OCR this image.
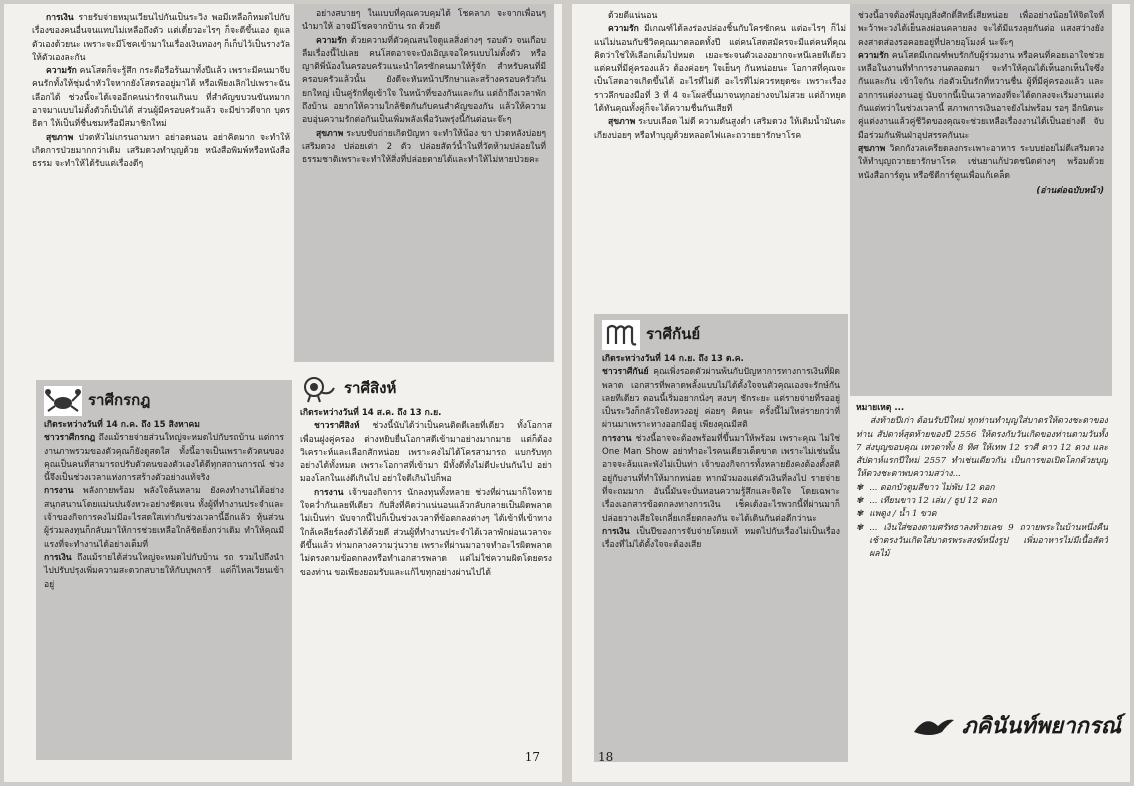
การเงิน รายรับจ่ายหมุนเวียนไปกันเป็นระวิง พอมีเหลือก็หมดไปกับเรื่องของคนอื่นจนแทบไม่เหลือถึงตัว แต่เดี๋ยวอะไรๆ ก็จะดีขึ้นเอง ดูแลตัวเองด้วยนะ เพราะจะมีโชคเข้ามาในเรื่องเงินทองๆ ก็เก็บไว้เป็นรางวัลให้ตัวเองละกัน

ความรัก คนโสดก็จะรู้สึก กระตือรือร้นมาทั้งปีแล้ว เพราะมีคนมาจีบ คนรักทั้งให้ชุ่มฉ่ำหัวใจหากยังโสดรออยู่มาได้ หรือเพียงเลิกไปเพราะฉันเลือกได้ ช่วงนี้จะได้เจออีกคนน่ารักจนเกินเบ ที่สำคัญขบวนขันหมากอาจมาแบบไม่ตั้งตัวก็เป็นได้ ส่วนผู้มีครอบครัวแล้ว จะมีข่าวดีจาก บุตร ธิดา ให้เป็นที่ชื่นชมหรือมีสมาชิกใหม่

สุขภาพ ปวดหัวไม่เกรนถามหา อย่าอดนอน อย่าคิดมาก จะทำให้เกิดการป่วยมากกว่าเดิม เสริมดวงทำบุญด้วย หนังสือพิมพ์หรือหนังสือธรรม จะทำให้ได้รับแต่เรื่องดีๆ

อย่างสบายๆ ในแบบที่คุณควบคุมได้ โชคลาภ จะจากเพื่อนๆ นำมาให้ อาจมีโชคจากบ้าน รถ ด้วยดี

ความรัก ด้วยความที่ตัวคุณสนใจดูแลสิ่งต่างๆ รอบตัว จนเกือบลืมเรื่องนี้ไปเลย คนโสดอาจจะบังเอิญเจอใครแบบไม่ตั้งตัว หรือญาติพี่น้องในครอบครัวแนะนำใครซักคนมาให้รู้จัก สำหรับคนที่มีครอบครัวแล้วนั้น ยังดีจะหันหน้าปรึกษาและสร้างครอบครัวกันยกใหญ่ เป็นคู่รักที่ดูเข้าใจ ในหน้าที่ของกันและกัน แต่ถ้าถึงเวลาพักถึงบ้าน อยากให้ความใกล้ชิดกันกับคนสำคัญของกัน แล้วให้ความอบอุ่นความรักต่อกันเป็นเพิ่มพลังเพื่อวันพรุ่งนี้กันต่อนะจ๊ะๆ

สุขภาพ ระบบขับถ่ายเกิดปัญหา จะทำให้น้อง ขา ปวดหลังบ่อยๆ เสริมดวง ปล่อยเต่า 2 ตัว ปล่อยสัตว์น้ำในที่วัดห้ามปล่อยในที่ธรรมชาติเพราะจะทำให้สิ่งที่ปล่อยตายได้และทำให้ไม่หายป่วยคะ

ราศีกรกฎ
เกิดระหว่างวันที่ 14 ก.ค. ถึง 15 สิงหาคม

ชาวราศีกรกฎ ถึงแม้รายจ่ายส่วนใหญ่จะหมดไปกับรถบ้าน แต่การงานภาพรวมของตัวคุณก็ยังดูสดใส ทั้งนี้อาจเป็นเพราะตัวตนของคุณเป็นคนที่สามารถปรับตัวตนของตัวเองได้ดีทุกสถานการณ์ ช่วงนี้จึงเป็นช่วงเวลาแห่งการสร้างตัวอย่างแท้จริง

การงาน พลังกายพร้อม พลังใจล้นหลาม ยังคงทำงานได้อย่างสนุกสนานโดยแม่นปนจังหวะอย่างชัดเจน ทั้งผู้ที่ทำงานประจำและเจ้าของกิจการคงไม่มีอะไรสดใสเท่ากับช่วงเวลานี้อีกแล้ว หุ้นส่วนผู้ร่วมลงทุนก็กลับมาให้การช่วยเหลือใกล้ชิดยิ่งกว่าเดิม ทำให้คุณมีแรงที่จะทำงานได้อย่างเต็มที่

การเงิน ถึงแม้รายได้ส่วนใหญ่จะหมดไปกับบ้าน รถ รวมไปถึงนำไปปรับปรุงเพิ่มความสะดวกสบายให้กับบุพการี แต่ก็ไหลเวียนเข้าอยู่

ราศีสิงห์
เกิดระหว่างวันที่ 14 ส.ค. ถึง 13 ก.ย.

ชาวราศีสิงห์ ช่วงนี้นับได้ว่าเป็นคนติดดีเลยที่เดียว ทั้งโอกาส เพื่อนฝูงคู่ครอง ต่างหยิบยื่นโอกาสดีเข้ามาอย่างมากมาย แต่ก็ต้องวิเคราะห์และเลือกสักหน่อย เพราะคงไม่ได้โครสามารถ แบกรับทุกอย่างได้ทั้งหมด เพราะโอกาสที่เข้ามา มีทั้งดีทั้งไม่ดีปะปนกันไป อย่ามองโลกในแง่ดีเกินไป อย่าใจดีเกินไปก็พอ

การงาน เจ้าของกิจการ นักลงทุนทั้งหลาย ช่วงที่ผ่านมาก็ใจหายใจคว่ำกันเลยทีเดียว กับสิ่งที่คิดว่าแน่นอนแล้วกลับกลายเป็นผิดพลาดไม่เป็นท่า นับจากนี้ไปก็เป็นช่วงเวลาที่ข้อตกลงต่างๆ ได้เข้าที่เข้าทางใกล้เคลียร์ลงตัวได้ด้วยดี ส่วนผู้ที่ทำงานประจำได้เวลาพักผ่อนเวลาจะดีขึ้นแล้ว ท่ามกลางความวุ่นวาย เพราะที่ผ่านมาอาจทำอะไรผิดพลาดไม่ตรงตามข้อตกลงหรือทำเอกสารพลาด แต่ไม่ใช่ความผิดโดยตรงของท่าน ขอเพียงยอมรับและแก้ไขทุกอย่างผ่านไปได้

17

ด้วยดีแน่นอน

ความรัก มีเกณฑ์ได้ลงร่องปล่องชิ้นกับใครซักคน แต่อะไรๆ ก็ไม่แน่ไม่นอนกับชีวิตคุณมาตลอดทั้งปี แต่คนโสดสมัครจะมีแต่คนที่คุณคิดว่าใช่ให้เลือกเต็มไปหมด เยอะชะจนตัวเองอยากจะหนีเลยทีเดียว แต่คนที่มีคู่ครองแล้ว ต้องค่อยๆ ใจเย็นๆ กันหน่อยนะ โอกาสที่คุณจะเป็นโสดอาจเกิดขึ้นได้ อะไรที่ไม่ดี อะไรที่ไม่ควรหยุดซะ เพราะเรื่องราวลึกของมือที่ 3 ที่ 4 จะโผล่ขึ้นมาจนทุกอย่างจบไม่สวย แต่ถ้าหยุดได้ทันคุณทั้งคู่ก็จะได้ความชื่นกันเสียที

สุขภาพ ระบบเลือด ไม่ดี ความดันสูงต่ำ เสริมดวง ให้เติมน้ำมันตะเกียงบ่อยๆ หรือทำบุญด้วยหลอดไฟและถวายยารักษาโรค

ราศีกันย์
เกิดระหว่างวันที่ 14 ก.ย. ถึง 13 ต.ค.

ชาวราศีกันย์ คุณเพิ่งรอดตัวผ่านพ้นกับปัญหาการทางการเงินที่ผิดพลาด เอกสารที่พลาดพลั้งแบบไม่ได้ตั้งใจจนตัวคุณเองจะรักษ์กันเลยทีเดียว ตอนนี้เริ่มอยากนั่งๆ สงบๆ ชักระยะ แต่รายจ่ายที่รออยู่เป็นระวิงก็กลัวใจยังหวงอยู่ ค่อยๆ คิดนะ ครั้งนี้ไม่ใหล่รายกว่าที่ผ่านมาเพราะทางออกมีอยู่ เพียงคุณมีสติ

การงาน ช่วงนี้อาจจะต้องพร้อมที่ขึ้นมาให้พร้อม เพราะคุณ ไม่ใช่ One Man Show อย่าทำอะไรคนเดียวเด็ดขาด เพราะไม่เช่นนั้นอาจจะล้มและพังไม่เป็นท่า เจ้าของกิจการทั้งหลายยังคงต้องตั้งสติอยู่กับงานที่ทำให้มากหน่อย หากมัวมองแต่ตัวเงินที่ลงไป รายจ่ายที่จะถมมาก อันนี้มันจะบั่นทอนความรู้สึกและจิตใจ โดยเฉพาะเรื่องเอกสารข้อตกลงทางการเงิน เช็คเด้งอะไรพวกนี้ที่ผ่านมาก็ปล่อยวางเสียใจเกลี่ยเกลี่ยตกลงกัน จะได้เดินกันต่อดีกว่านะ

การเงิน เป็นปีของการจับจ่ายโดยแท้ หมดไปกับเรื่องไม่เป็นเรื่อง เรื่องที่ไม่ได้ตั้งใจจะต้องเสีย

ช่วงนี้อาจต้องพึ่งบุญสิ่งศักดิ์สิทธิ์เสียหน่อย เพื่ออย่างน้อยให้จิตใจที่พะว้าพะวงได้เย็นลงผ่อนคลายลง จะได้มีแรงลุยกันต่อ แสงสว่างยังคงสาดส่องรอคอยอยู่ที่ปลายอุโมงค์ นะจ๊ะๆ

ความรัก คนโสดมีเกณฑ์พบรักกับผู้ร่วมงาน หรือคนที่คอยเอาใจช่วยเหลือในงานที่ทำการงานตลอดมา จะทำให้คุณได้เห็นอกเห็นใจซึ่งกันและกัน เข้าใจกัน ก่อตัวเป็นรักที่หวานชื่น ผู้ที่มีคู่ครองแล้ว และอาการแต่งงานอยู่ นับจากนี้เป็นเวลาทองที่จะได้ตกลงจะเริ่มงานแต่งกันแต่ทว่าในช่วงเวลานี้ สภาพการเงินอาจยังไม่พร้อม รอๆ อีกนิดนะ คู่แต่งงานแล้วคู่ชีวิตของคุณจะช่วยเหลือเรื่องงานได้เป็นอย่างดี จับมือร่วมกันฟันฝ่าอุปสรรคกันนะ

สุขภาพ วิตกกังวลเครียดลงกระเพาะอาหาร ระบบย่อยไม่ดีเสริมดวง ให้ทำบุญถวายยารักษาโรค เช่นยาแก้ปวดชนิดต่างๆ พร้อมด้วยหนังสือการ์ตูน หรือซีดีการ์ตูนเพื่อแก้เคล็ด

(อ่านต่อฉบับหน้า)
หมายเหตุ ...

ส่งท้ายปีเก่า ต้อนรับปีใหม่ ทุกท่านทำบุญใส่บาตรให้ดวงชะตาของท่าน สัปดาห์สุดท้ายของปี 2556 ให้ตรงกับวันเกิดของท่านตามวันทั้ง 7 ส่งบุญขอบคุณ เทวดาทั้ง 8 ทิศ ให้เทพ 12 ราศี ดาว 12 ดวง และสัปดาห์แรกปีใหม่ 2557 ทำเช่นเดียวกัน เป็นการขอเปิดโลกด้วยบุญให้ดวงชะตาพบความสว่าง...

✾ ... ดอกบัวตูมสีขาว ไม่พับ 12 ดอก
✾ ... เทียนขาว 12 เล่ม / ธูป 12 ดอก
✾ แพดูง / น้ำ 1 ขวด
✾ ... เงินใส่ซองตามศรัทธาลงท้ายเลข 9 ถวายพระในบ้านหนึ่งคืน เช้าตรงวันเกิดใส่บาตรพระสงฆ์หนึ่งรูป เพิ่มอาหารไม่มีเนื้อสัตว์ ผลไม้
ภคินันท์พยากรณ์
18
